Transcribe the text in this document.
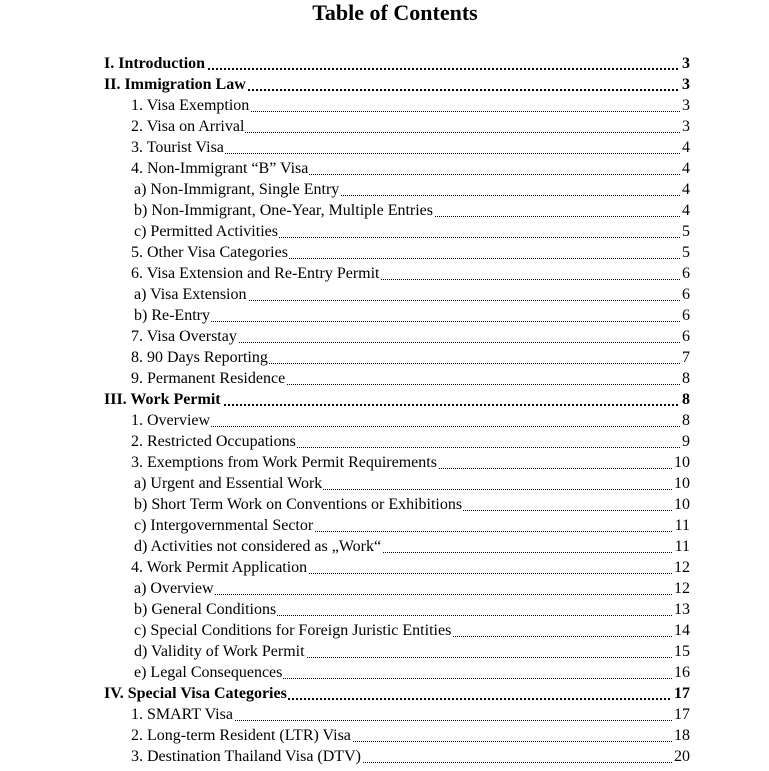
Table of Contents
I. Introduction	3
II. Immigration Law	3
1. Visa Exemption	3
2. Visa on Arrival	3
3. Tourist Visa	4
4. Non-Immigrant “B” Visa	4
a) Non-Immigrant, Single Entry	4
b) Non-Immigrant, One-Year, Multiple Entries	4
c) Permitted Activities	5
5. Other Visa Categories	5
6. Visa Extension and Re-Entry Permit	6
a) Visa Extension	6
b) Re-Entry	6
7. Visa Overstay	6
8. 90 Days Reporting	7
9. Permanent Residence	8
III. Work Permit	8
1. Overview	8
2. Restricted Occupations	9
3. Exemptions from Work Permit Requirements	10
a) Urgent and Essential Work	10
b) Short Term Work on Conventions or Exhibitions	10
c) Intergovernmental Sector	11
d) Activities not considered as „Work“	11
4. Work Permit Application	12
a) Overview	12
b) General Conditions	13
c) Special Conditions for Foreign Juristic Entities	14
d) Validity of Work Permit	15
e) Legal Consequences	16
IV. Special Visa Categories	17
1. SMART Visa	17
2. Long-term Resident (LTR) Visa	18
3. Destination Thailand Visa (DTV)	20
